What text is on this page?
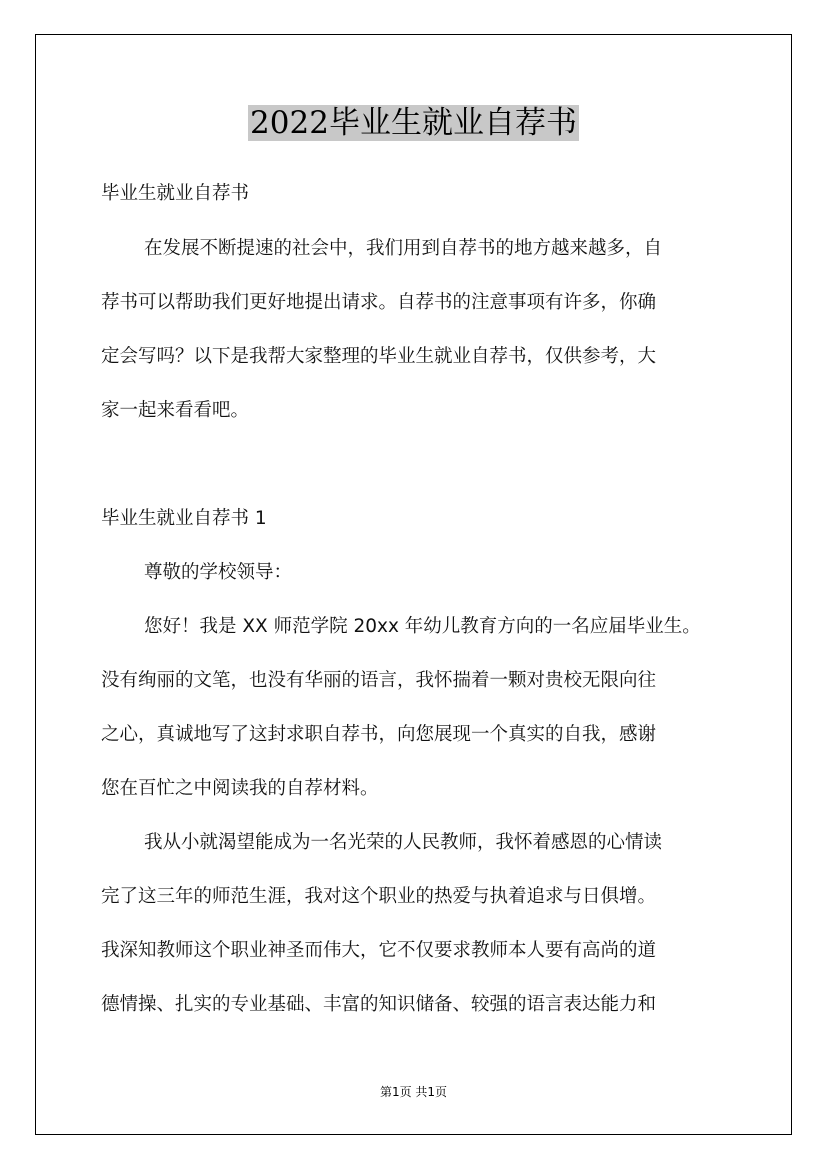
2022毕业生就业自荐书
毕业生就业自荐书
在发展不断提速的社会中，我们用到自荐书的地方越来越多，自
荐书可以帮助我们更好地提出请求。自荐书的注意事项有许多，你确
定会写吗？以下是我帮大家整理的毕业生就业自荐书，仅供参考，大
家一起来看看吧。
毕业生就业自荐书 1
尊敬的学校领导：
您好！我是 XX 师范学院 20xx 年幼儿教育方向的一名应届毕业生。
没有绚丽的文笔，也没有华丽的语言，我怀揣着一颗对贵校无限向往
之心，真诚地写了这封求职自荐书，向您展现一个真实的自我，感谢
您在百忙之中阅读我的自荐材料。
我从小就渴望能成为一名光荣的人民教师，我怀着感恩的心情读
完了这三年的师范生涯，我对这个职业的热爱与执着追求与日俱增。
我深知教师这个职业神圣而伟大，它不仅要求教师本人要有高尚的道
德情操、扎实的专业基础、丰富的知识储备、较强的语言表达能力和
第1页 共1页
